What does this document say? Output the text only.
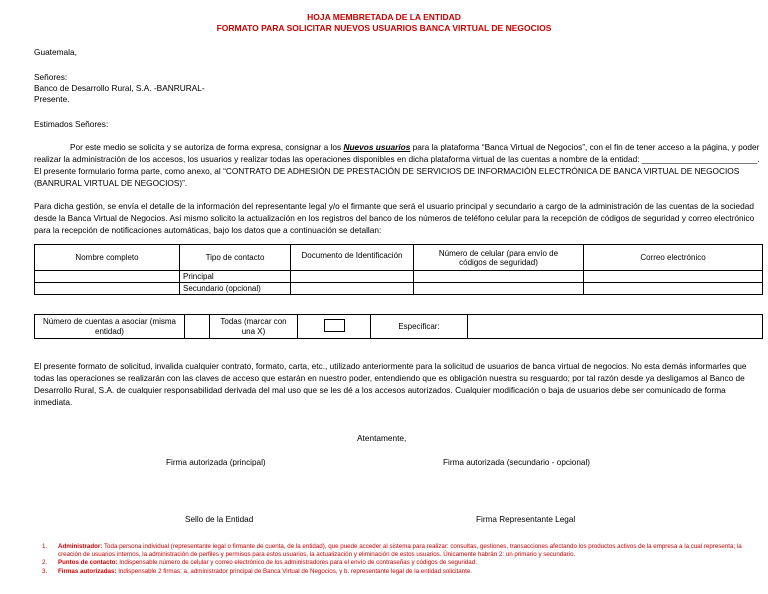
HOJA MEMBRETADA DE LA ENTIDAD
FORMATO PARA SOLICITAR NUEVOS USUARIOS BANCA VIRTUAL DE NEGOCIOS
Guatemala,
Señores:
Banco de Desarrollo Rural, S.A. -BANRURAL-
Presente.
Estimados Señores:
Por este medio se solicita y se autoriza de forma expresa, consignar a los Nuevos usuarios para la plataforma “Banca Virtual de Negocios”, con el fin de tener acceso a la página, y poder realizar la administración de los accesos, los usuarios y realizar todas las operaciones disponibles en dicha plataforma virtual de las cuentas a nombre de la entidad: _________________________. El presente formulario forma parte, como anexo, al “CONTRATO DE ADHESIÓN DE PRESTACIÓN DE SERVICIOS DE INFORMACIÓN ELECTRÓNICA DE BANCA VIRTUAL DE NEGOCIOS (BANRURAL VIRTUAL DE NEGOCIOS)”.
Para dicha gestión, se envía el detalle de la información del representante legal y/o el firmante que será el usuario principal y secundario a cargo de la administración de las cuentas de la sociedad desde la Banca Virtual de Negocios. Así mismo solicito la actualización en los registros del banco de los números de teléfono celular para la recepción de códigos de seguridad y correo electrónico para la recepción de notificaciones automáticas, bajo los datos que a continuación se detallan:
Nombre completo	Tipo de contacto	Documento de Identificación	Número de celular (para envío de códigos de seguridad)	Correo electrónico
	Principal			
	Secundario (opcional)			
Número de cuentas a asociar (misma entidad)		Todas (marcar con una X)		Especificar:	
El presente formato de solicitud, invalida cualquier contrato, formato, carta, etc., utilizado anteriormente para la solicitud de usuarios de banca virtual de negocios. No esta demás informarles que todas las operaciones se realizarán con las claves de acceso que estarán en nuestro poder, entendiendo que es obligación nuestra su resguardo; por tal razón desde ya desligamos al Banco de Desarrollo Rural, S.A. de cualquier responsabilidad derivada del mal uso que se les dé a los accesos autorizados. Cualquier modificación o baja de usuarios debe ser comunicado de forma inmediata.
Atentamente,
Firma autorizada (principal)	Firma autorizada (secundario - opcional)
Sello de la Entidad	Firma Representante Legal
1. Administrador: Toda persona individual (representante legal o firmante de cuenta, de la entidad), que puede acceder al sistema para realizar: consultas, gestiones, transacciones afectando los productos activos de la empresa a la cual representa; la creación de usuarios internos, la administración de perfiles y permisos para estos usuarios, la actualización y eliminación de estos usuarios. Únicamente habrán 2: un primario y secundario.
2. Puntos de contacto: Indispensable número de celular y correo electrónico de los administradores para el envío de contraseñas y códigos de seguridad.
3. Firmas autorizadas: Indispensable 2 firmas: a. administrador principal de Banca Virtual de Negocios, y b. representante legal de la entidad solicitante.
